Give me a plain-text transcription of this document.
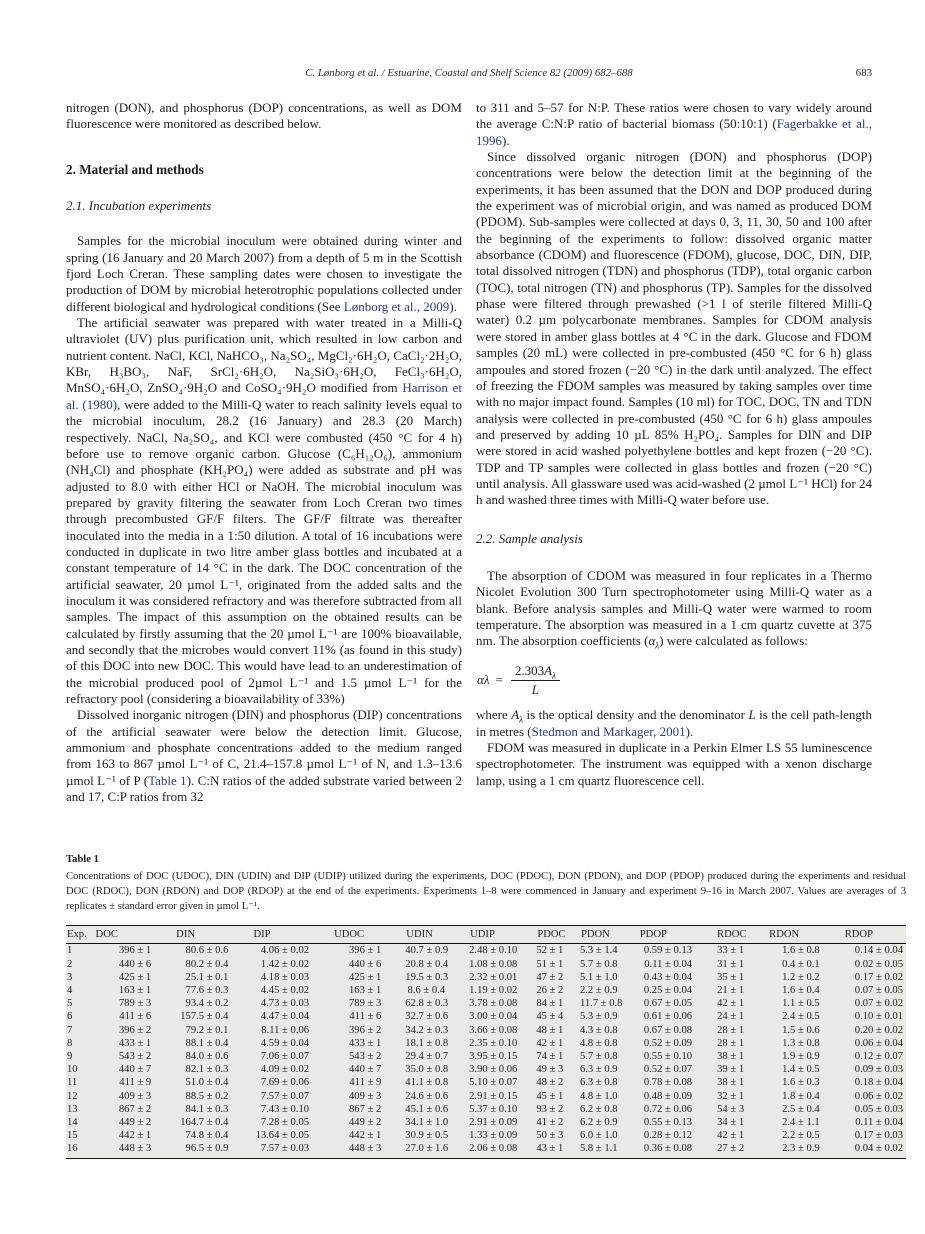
C. Lønborg et al. / Estuarine, Coastal and Shelf Science 82 (2009) 682–688	683

nitrogen (DON), and phosphorus (DOP) concentrations, as well as DOM fluorescence were monitored as described below.

2. Material and methods
2.1. Incubation experiments

Samples for the microbial inoculum were obtained during winter and spring (16 January and 20 March 2007) from a depth of 5 m in the Scottish fjord Loch Creran. These sampling dates were chosen to investigate the production of DOM by microbial heterotrophic populations collected under different biological and hydrological conditions (See Lønborg et al., 2009).

The artificial seawater was prepared with water treated in a Milli-Q ultraviolet (UV) plus purification unit, which resulted in low carbon and nutrient content. NaCl, KCl, NaHCO₃, Na₂SO₄, MgCl₂·6H₂O, CaCl₂·2H₂O, KBr, H₃BO₃, NaF, SrCl₂·6H₂O, Na₂SiO₃·6H₂O, FeCl₃·6H₂O, MnSO₄·6H₂O, ZnSO₄·9H₂O and CoSO₄·9H₂O modified from Harrison et al. (1980), were added to the Milli-Q water to reach salinity levels equal to the microbial inoculum, 28.2 (16 January) and 28.3 (20 March) respectively. NaCl, Na₂SO₄, and KCl were combusted (450 °C for 4 h) before use to remove organic carbon. Glucose (C₆H₁₂O₆), ammonium (NH₄Cl) and phosphate (KH₂PO₄) were added as substrate and pH was adjusted to 8.0 with either HCl or NaOH. The microbial inoculum was prepared by gravity filtering the seawater from Loch Creran two times through precombusted GF/F filters. The GF/F filtrate was thereafter inoculated into the media in a 1:50 dilution. A total of 16 incubations were conducted in duplicate in two litre amber glass bottles and incubated at a constant temperature of 14 °C in the dark. The DOC concentration of the artificial seawater, 20 µmol L⁻¹, originated from the added salts and the inoculum it was considered refractory and was therefore subtracted from all samples. The impact of this assumption on the obtained results can be calculated by firstly assuming that the 20 µmol L⁻¹ are 100% bioavailable, and secondly that the microbes would convert 11% (as found in this study) of this DOC into new DOC. This would have lead to an underestimation of the microbial produced pool of 2µmol L⁻¹ and 1.5 µmol L⁻¹ for the refractory pool (considering a bioavailability of 33%)

Dissolved inorganic nitrogen (DIN) and phosphorus (DIP) concentrations of the artificial seawater were below the detection limit. Glucose, ammonium and phosphate concentrations added to the medium ranged from 163 to 867 µmol L⁻¹ of C, 21.4–157.8 µmol L⁻¹ of N, and 1.3–13.6 µmol L⁻¹ of P (Table 1). C:N ratios of the added substrate varied between 2 and 17, C:P ratios from 32

to 311 and 5–57 for N:P. These ratios were chosen to vary widely around the average C:N:P ratio of bacterial biomass (50:10:1) (Fagerbakke et al., 1996).

Since dissolved organic nitrogen (DON) and phosphorus (DOP) concentrations were below the detection limit at the beginning of the experiments, it has been assumed that the DON and DOP produced during the experiment was of microbial origin, and was named as produced DOM (PDOM). Sub-samples were collected at days 0, 3, 11, 30, 50 and 100 after the beginning of the experiments to follow: dissolved organic matter absorbance (CDOM) and fluorescence (FDOM), glucose, DOC, DIN, DIP, total dissolved nitrogen (TDN) and phosphorus (TDP), total organic carbon (TOC), total nitrogen (TN) and phosphorus (TP). Samples for the dissolved phase were filtered through prewashed (>1 l of sterile filtered Milli-Q water) 0.2 µm polycarbonate membranes. Samples for CDOM analysis were stored in amber glass bottles at 4 °C in the dark. Glucose and FDOM samples (20 mL) were collected in pre-combusted (450 °C for 6 h) glass ampoules and stored frozen (−20 °C) in the dark until analyzed. The effect of freezing the FDOM samples was measured by taking samples over time with no major impact found. Samples (10 ml) for TOC, DOC, TN and TDN analysis were collected in pre-combusted (450 °C for 6 h) glass ampoules and preserved by adding 10 µL 85% H₂PO₄. Samples for DIN and DIP were stored in acid washed polyethylene bottles and kept frozen (−20 °C). TDP and TP samples were collected in glass bottles and frozen (−20 °C) until analysis. All glassware used was acid-washed (2 µmol L⁻¹ HCl) for 24 h and washed three times with Milli-Q water before use.

2.2. Sample analysis

The absorption of CDOM was measured in four replicates in a Thermo Nicolet Evolution 300 Turn spectrophotometer using Milli-Q water as a blank. Before analysis samples and Milli-Q water were warmed to room temperature. The absorption was measured in a 1 cm quartz cuvette at 375 nm. The absorption coefficients $(\alpha_\lambda)$ were calculated as follows:

$\alpha\lambda = \frac{2.303A_\lambda}{L}$

where $A_\lambda$ is the optical density and the denominator L is the cell path-length in metres (Stedmon and Markager, 2001).

FDOM was measured in duplicate in a Perkin Elmer LS 55 luminescence spectrophotometer. The instrument was equipped with a xenon discharge lamp, using a 1 cm quartz fluorescence cell.

Table 1

Concentrations of DOC (UDOC), DIN (UDIN) and DIP (UDIP) utilized during the experiments, DOC (PDOC), DON (PDON), and DOP (PDOP) produced during the experiments and residual DOC (RDOC), DON (RDON) and DOP (RDOP) at the end of the experiments. Experiments 1–8 were commenced in January and experiment 9–16 in March 2007. Values are averages of 3 replicates ± standard error given in µmol L⁻¹.

Exp.	DOC	DIN	DIP	UDOC	UDIN	UDIP	PDOC	PDON	PDOP	RDOC	RDON	RDOP
1	396 ± 1	80.6 ± 0.6	4.06 ± 0.02	396 ± 1	40.7 ± 0.9	2.48 ± 0.10	52 ± 1	5.3 ± 1.4	0.59 ± 0.13	33 ± 1	1.6 ± 0.8	0.14 ± 0.04
2	440 ± 6	80.2 ± 0.4	1.42 ± 0.02	440 ± 6	20.8 ± 0.4	1.08 ± 0.08	51 ± 1	5.7 ± 0.8	0.11 ± 0.04	31 ± 1	0.4 ± 0.1	0.02 ± 0.05
3	425 ± 1	25.1 ± 0.1	4.18 ± 0.03	425 ± 1	19.5 ± 0.3	2.32 ± 0.01	47 ± 2	5.1 ± 1.0	0.43 ± 0.04	35 ± 1	1.2 ± 0.2	0.17 ± 0.02
4	163 ± 1	77.6 ± 0.3	4.45 ± 0.02	163 ± 1	8.6 ± 0.4	1.19 ± 0.02	26 ± 2	2.2 ± 0.9	0.25 ± 0.04	21 ± 1	1.6 ± 0.4	0.07 ± 0.05
5	789 ± 3	93.4 ± 0.2	4.73 ± 0.03	789 ± 3	62.8 ± 0.3	3.78 ± 0.08	84 ± 1	11.7 ± 0.8	0.67 ± 0.05	42 ± 1	1.1 ± 0.5	0.07 ± 0.02
6	411 ± 6	157.5 ± 0.4	4.47 ± 0.04	411 ± 6	32.7 ± 0.6	3.00 ± 0.04	45 ± 4	5.3 ± 0.9	0.61 ± 0.06	24 ± 1	2.4 ± 0.5	0.10 ± 0.01
7	396 ± 2	79.2 ± 0.1	8.11 ± 0.06	396 ± 2	34.2 ± 0.3	3.66 ± 0.08	48 ± 1	4.3 ± 0.8	0.67 ± 0.08	28 ± 1	1.5 ± 0.6	0.20 ± 0.02
8	433 ± 1	88.1 ± 0.4	4.59 ± 0.04	433 ± 1	18.1 ± 0.8	2.35 ± 0.10	42 ± 1	4.8 ± 0.8	0.52 ± 0.09	28 ± 1	1.3 ± 0.8	0.06 ± 0.04
9	543 ± 2	84.0 ± 0.6	7.06 ± 0.07	543 ± 2	29.4 ± 0.7	3.95 ± 0.15	74 ± 1	5.7 ± 0.8	0.55 ± 0.10	38 ± 1	1.9 ± 0.9	0.12 ± 0.07
10	440 ± 7	82.1 ± 0.3	4.09 ± 0.02	440 ± 7	35.0 ± 0.8	3.90 ± 0.06	49 ± 3	6.3 ± 0.9	0.52 ± 0.07	39 ± 1	1.4 ± 0.5	0.09 ± 0.03
11	411 ± 9	51.0 ± 0.4	7.69 ± 0.06	411 ± 9	41.1 ± 0.8	5.10 ± 0.07	48 ± 2	6.3 ± 0.8	0.78 ± 0.08	38 ± 1	1.6 ± 0.3	0.18 ± 0.04
12	409 ± 3	88.5 ± 0.2	7.57 ± 0.07	409 ± 3	24.6 ± 0.6	2.91 ± 0.15	45 ± 1	4.8 ± 1.0	0.48 ± 0.09	32 ± 1	1.8 ± 0.4	0.06 ± 0.02
13	867 ± 2	84.1 ± 0.3	7.43 ± 0.10	867 ± 2	45.1 ± 0.6	5.37 ± 0.10	93 ± 2	6.2 ± 0.8	0.72 ± 0.06	54 ± 3	2.5 ± 0.4	0.05 ± 0.03
14	449 ± 2	164.7 ± 0.4	7.28 ± 0.05	449 ± 2	34.1 ± 1.0	2.91 ± 0.09	41 ± 2	6.2 ± 0.9	0.55 ± 0.13	34 ± 1	2.4 ± 1.1	0.11 ± 0.04
15	442 ± 1	74.8 ± 0.4	13.64 ± 0.05	442 ± 1	30.9 ± 0.5	1.33 ± 0.09	50 ± 3	6.0 ± 1.0	0.28 ± 0.12	42 ± 1	2.2 ± 0.5	0.17 ± 0.03
16	448 ± 3	96.5 ± 0.9	7.57 ± 0.03	448 ± 3	27.0 ± 1.6	2.06 ± 0.08	43 ± 1	5.8 ± 1.1	0.36 ± 0.08	27 ± 2	2.3 ± 0.9	0.04 ± 0.02
